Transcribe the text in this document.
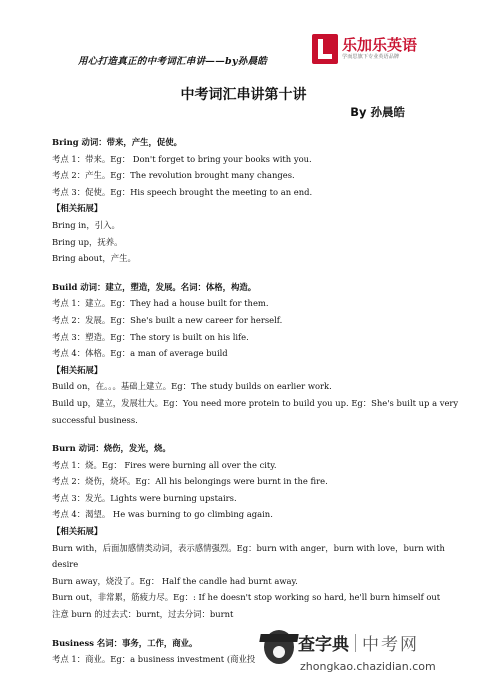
用心打造真正的中考词汇串讲——by孙晨皓
乐加乐英语
学而思旗下专业英语品牌
中考词汇串讲第十讲
By 孙晨皓
Bring 动词：带来，产生，促使。
考点 1：带来。Eg： Don't forget to bring your books with you.
考点 2：产生。Eg：The revolution brought many changes.
考点 3：促使。Eg：His speech brought the meeting to an end.
【相关拓展】
Bring in，引入。
Bring up，抚养。
Bring about，产生。
Build 动词：建立，塑造，发展。名词：体格，构造。
考点 1：建立。Eg：They had a house built for them.
考点 2：发展。Eg：She's built a new career for herself.
考点 3：塑造。Eg：The story is built on his life.
考点 4：体格。Eg：a man of average build
【相关拓展】
Build on，在。。。基础上建立。Eg：The study builds on earlier work.
Build up，建立，发展壮大。Eg：You need more protein to build you up. Eg：She's built up a very
successful business.
Burn 动词：烧伤，发光，烧。
考点 1：烧。Eg： Fires were burning all over the city.
考点 2：烧伤，烧坏。Eg：All his belongings were burnt in the fire.
考点 3：发光。Lights were burning upstairs.
考点 4：渴望。 He was burning to go climbing again.
【相关拓展】
Burn with，后面加感情类动词，表示感情强烈。Eg：burn with anger，burn with love，burn with
desire
Burn away，烧没了。Eg： Half the candle had burnt away.
Burn out，非常累，筋疲力尽。Eg：: If he doesn't stop working so hard, he'll burn himself out
注意 burn 的过去式：burnt，过去分词：burnt
Business 名词：事务，工作，商业。
考点 1：商业。Eg：a business investment (商业投
查字典 中考网
zhongkao.chazidian.com
